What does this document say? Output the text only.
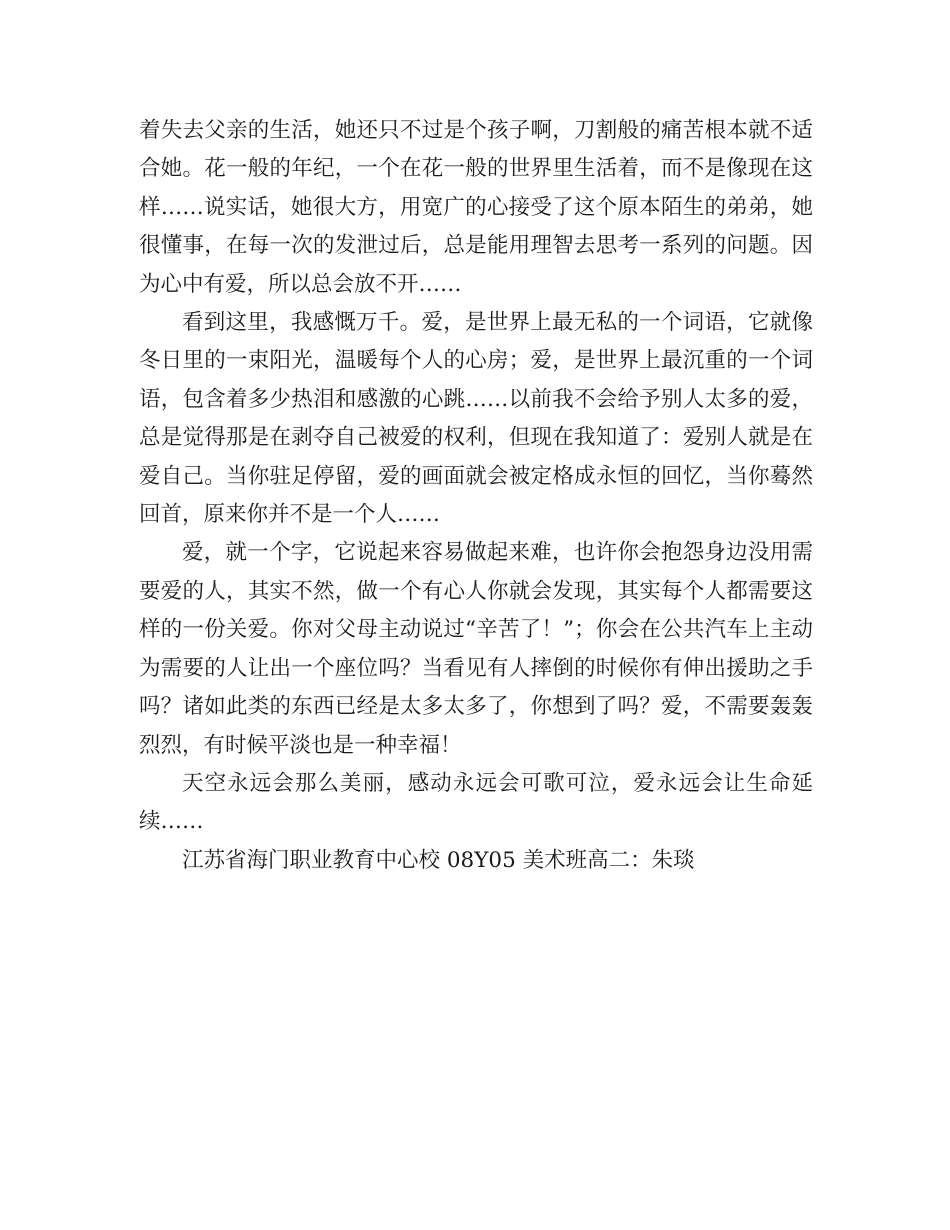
着失去父亲的生活，她还只不过是个孩子啊，刀割般的痛苦根本就不适合她。花一般的年纪，一个在花一般的世界里生活着，而不是像现在这样……说实话，她很大方，用宽广的心接受了这个原本陌生的弟弟，她很懂事，在每一次的发泄过后，总是能用理智去思考一系列的问题。因为心中有爱，所以总会放不开……

看到这里，我感慨万千。爱，是世界上最无私的一个词语，它就像冬日里的一束阳光，温暖每个人的心房；爱，是世界上最沉重的一个词语，包含着多少热泪和感激的心跳……以前我不会给予别人太多的爱，总是觉得那是在剥夺自己被爱的权利，但现在我知道了：爱别人就是在爱自己。当你驻足停留，爱的画面就会被定格成永恒的回忆，当你蓦然回首，原来你并不是一个人……

爱，就一个字，它说起来容易做起来难，也许你会抱怨身边没用需要爱的人，其实不然，做一个有心人你就会发现，其实每个人都需要这样的一份关爱。你对父母主动说过“辛苦了！”；你会在公共汽车上主动为需要的人让出一个座位吗？当看见有人摔倒的时候你有伸出援助之手吗？诸如此类的东西已经是太多太多了，你想到了吗？爱，不需要轰轰烈烈，有时候平淡也是一种幸福！

天空永远会那么美丽，感动永远会可歌可泣，爱永远会让生命延续……

江苏省海门职业教育中心校 08Y05 美术班高二：朱琰
